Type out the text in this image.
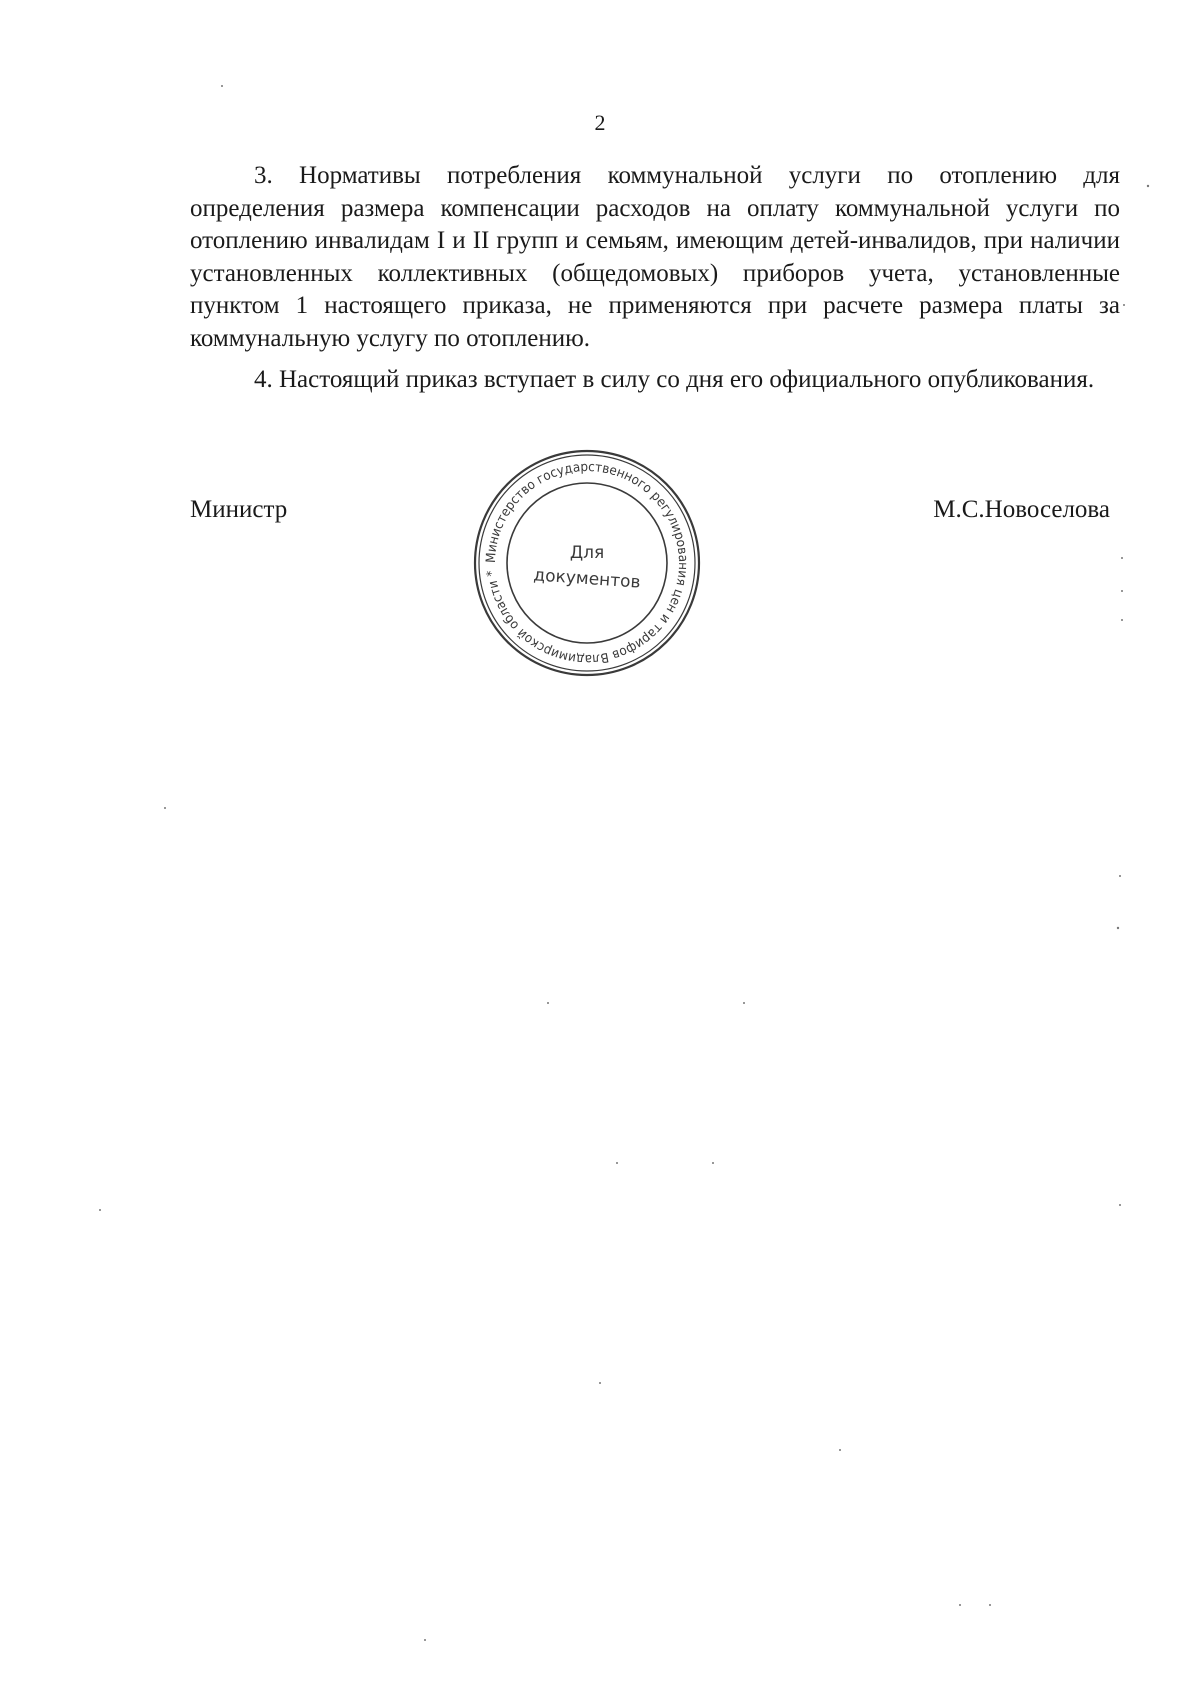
2

3. Нормативы потребления коммунальной услуги по отоплению для определения размера компенсации расходов на оплату коммунальной услуги по отоплению инвалидам I и II групп и семьям, имеющим детей-инвалидов, при наличии установленных коллективных (общедомовых) приборов учета, установленные пунктом 1 настоящего приказа, не применяются при расчете размера платы за коммунальную услугу по отоплению.

4. Настоящий приказ вступает в силу со дня его официального опубликования.

Министр
Министерство государственного регулирования цен и тарифов Владимирской области *
Для
документов
М.С.Новоселова
